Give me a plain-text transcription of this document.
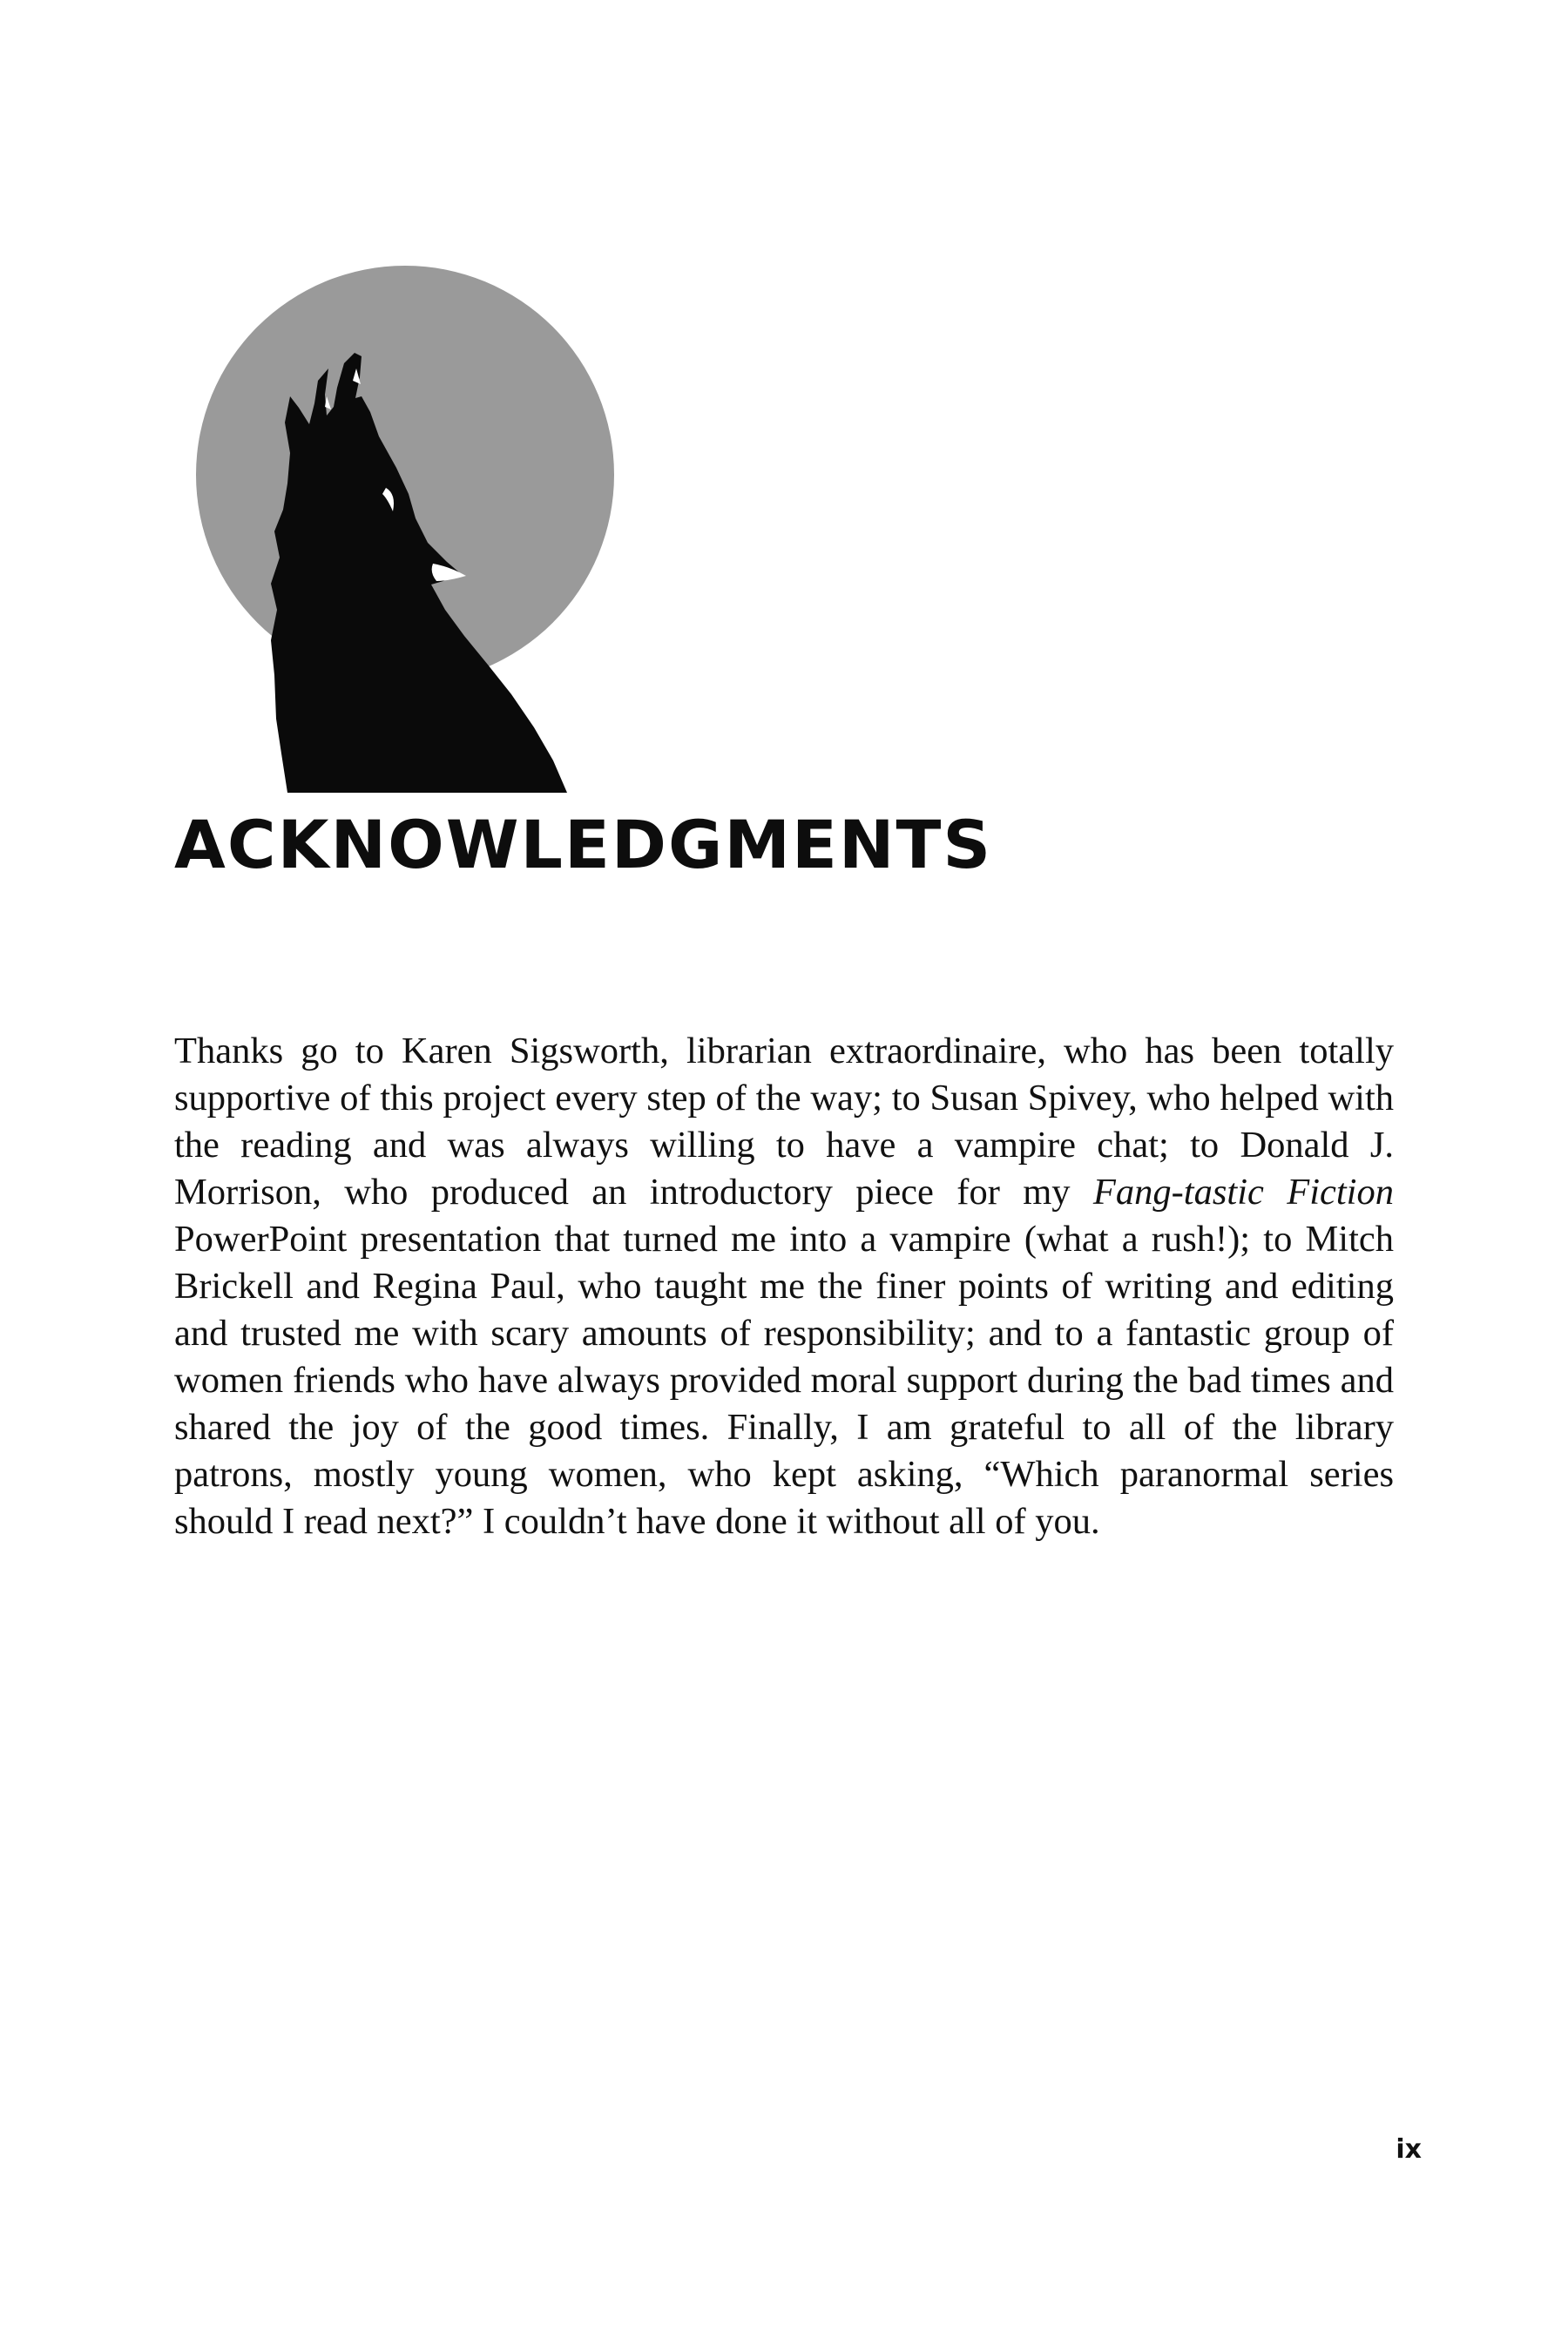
ACKNOWLEDGMENTS

Thanks go to Karen Sigsworth, librarian extraordinaire, who has been totally supportive of this project every step of the way; to Susan Spivey, who helped with the reading and was always willing to have a vampire chat; to Donald J. Morrison, who produced an introductory piece for my Fang-tastic Fiction PowerPoint presentation that turned me into a vampire (what a rush!); to Mitch Brickell and Regina Paul, who taught me the finer points of writing and editing and trusted me with scary amounts of responsibility; and to a fantastic group of women friends who have always provided moral support during the bad times and shared the joy of the good times. Finally, I am grateful to all of the library patrons, mostly young women, who kept asking, “Which paranormal series should I read next?” I couldn’t have done it without all of you.

ix
